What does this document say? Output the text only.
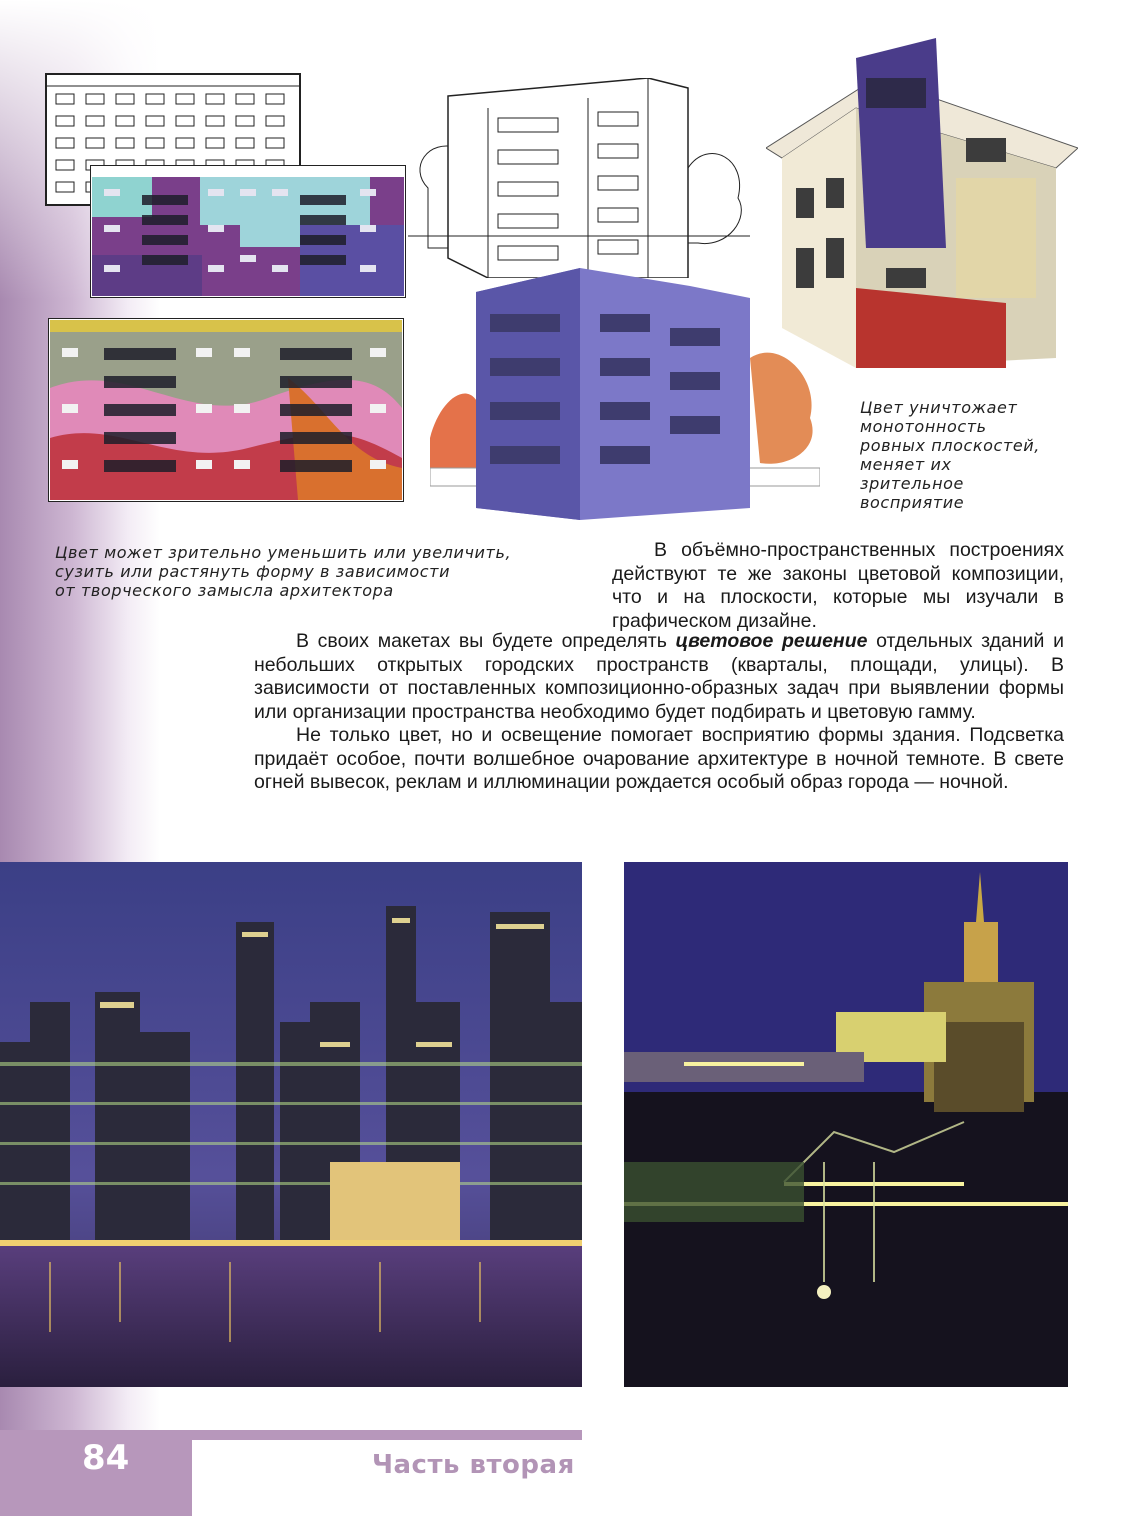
Цвет уничтожает
монотонность
ровных плоскостей,
меняет их
зрительное
восприятие
Цвет может зрительно уменьшить или увеличить,
сузить или растянуть форму в зависимости
от творческого замысла архитектора

В объёмно-пространственных построениях действуют те же законы цветовой композиции, что и на плоскости, которые мы изучали в графическом дизайне.

В своих макетах вы будете определять цветовое решение отдельных зданий и небольших открытых городских пространств (кварталы, площади, улицы). В зависимости от поставленных композиционно-образных задач при выявлении формы или организации пространства необходимо будет подбирать и цветовую гамму.

Не только цвет, но и освещение помогает восприятию формы здания. Подсветка придаёт особое, почти волшебное очарование архитектуре в ночной темноте. В свете огней вывесок, реклам и иллюминации рождается особый образ города — ночной.

84	Часть вторая
